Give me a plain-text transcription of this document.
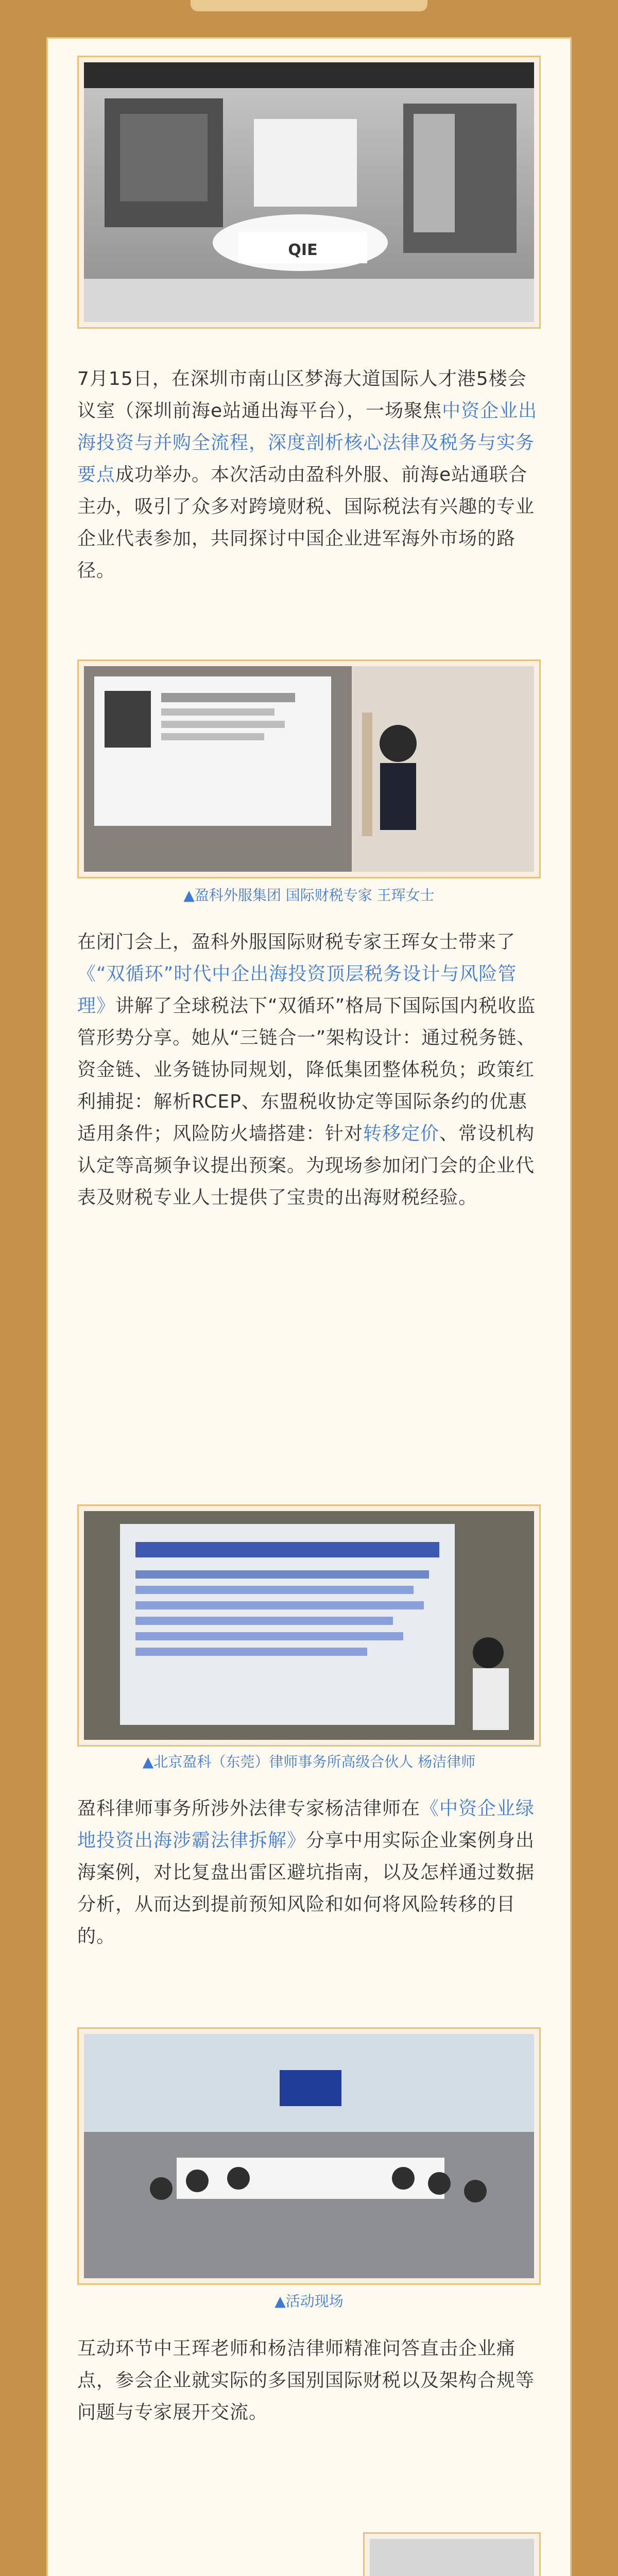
QIE

7月15日，在深圳市南山区梦海大道国际人才港5楼会议室（深圳前海e站通出海平台），一场聚焦中资企业出海投资与并购全流程，深度剖析核心法律及税务与实务要点成功举办。本次活动由盈科外服、前海e站通联合主办，吸引了众多对跨境财税、国际税法有兴趣的专业企业代表参加，共同探讨中国企业进军海外市场的路径。

▲盈科外服集团 国际财税专家 王珲女士

在闭门会上，盈科外服国际财税专家王珲女士带来了《“双循环”时代中企出海投资顶层税务设计与风险管理》讲解了全球税法下“双循环”格局下国际国内税收监管形势分享。她从“三链合一”架构设计：通过税务链、资金链、业务链协同规划，降低集团整体税负；政策红利捕捉：解析RCEP、东盟税收协定等国际条约的优惠适用条件；风险防火墙搭建：针对转移定价、常设机构认定等高频争议提出预案。为现场参加闭门会的企业代表及财税专业人士提供了宝贵的出海财税经验。

▲北京盈科（东莞）律师事务所高级合伙人 杨洁律师

盈科律师事务所涉外法律专家杨洁律师在《中资企业绿地投资出海涉霸法律拆解》分享中用实际企业案例身出海案例，对比复盘出雷区避坑指南，以及怎样通过数据分析，从而达到提前预知风险和如何将风险转移的目的。

▲活动现场

互动环节中王珲老师和杨洁律师精准问答直击企业痛点，参会企业就实际的多国别国际财税以及架构合规等问题与专家展开交流。
